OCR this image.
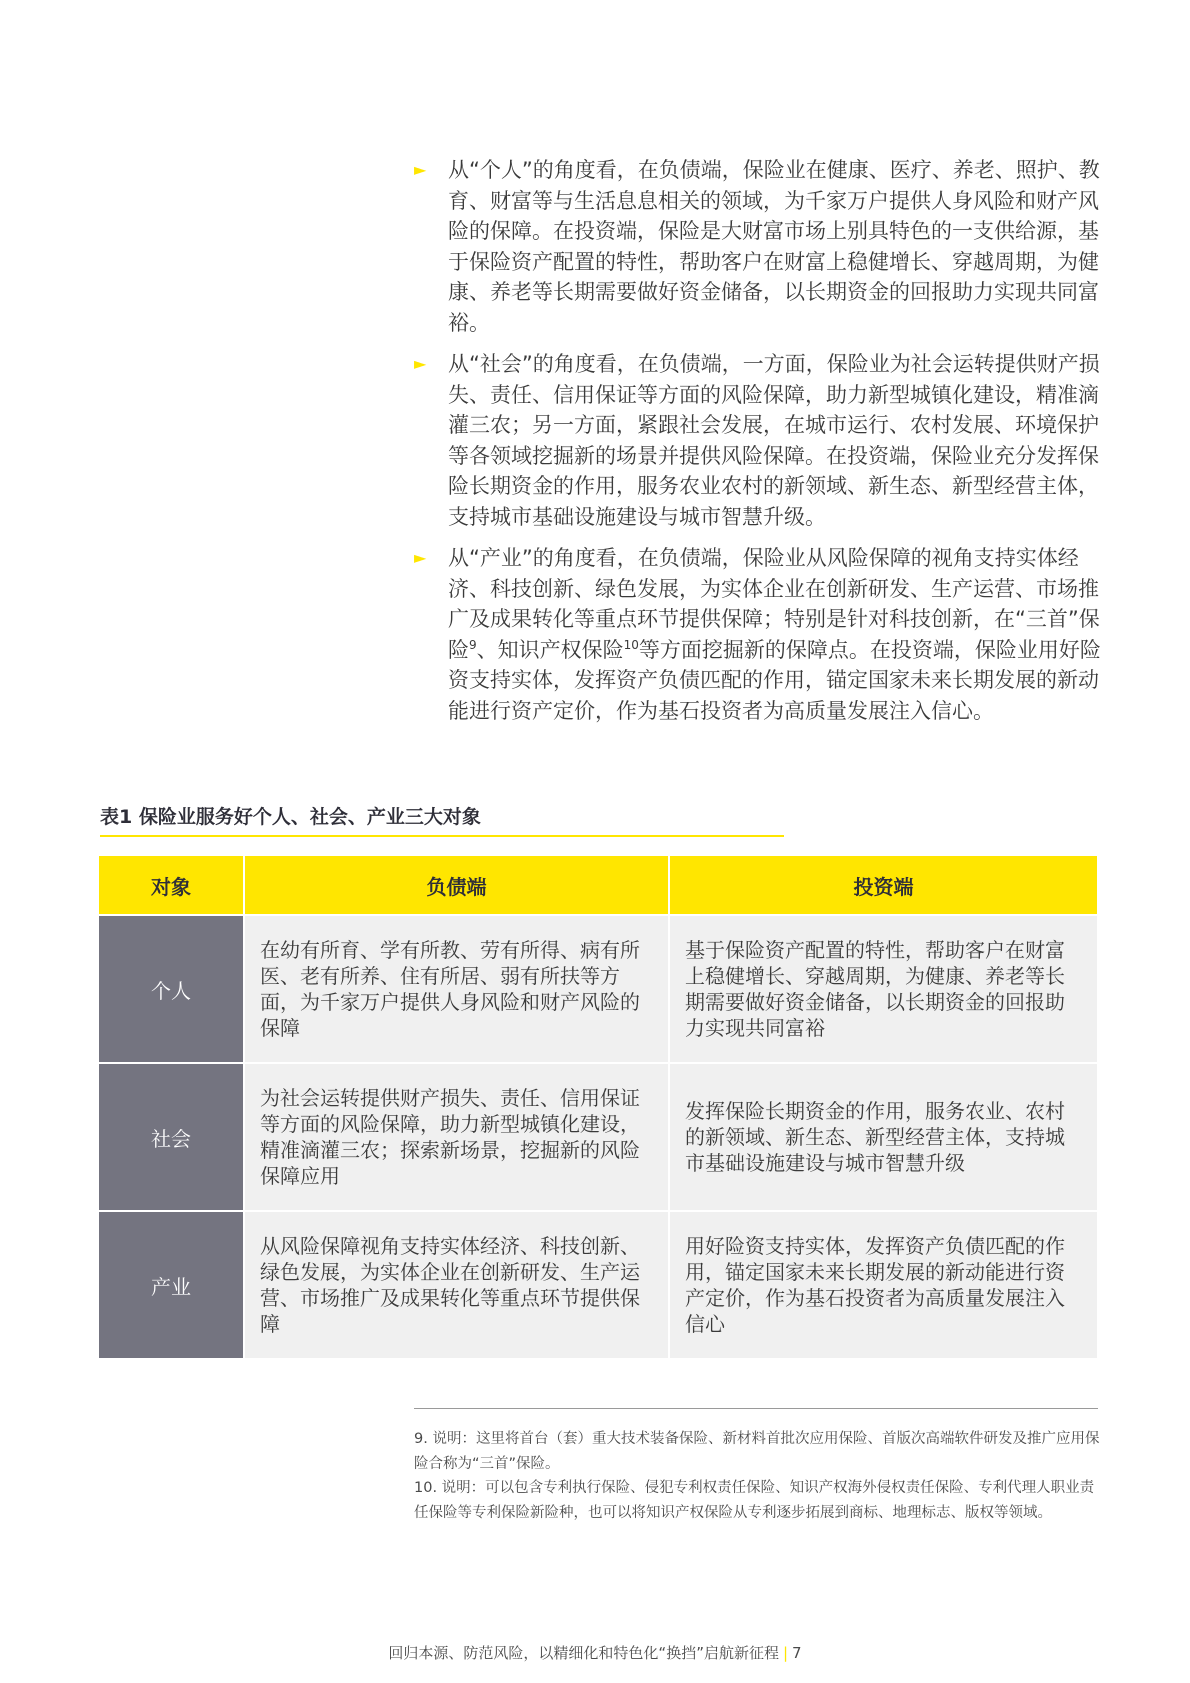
► 从“个人”的角度看，在负债端，保险业在健康、医疗、养老、照护、教育、财富等与生活息息相关的领域，为千家万户提供人身风险和财产风险的保障。在投资端，保险是大财富市场上别具特色的一支供给源，基于保险资产配置的特性，帮助客户在财富上稳健增长、穿越周期，为健康、养老等长期需要做好资金储备，以长期资金的回报助力实现共同富裕。
► 从“社会”的角度看，在负债端，一方面，保险业为社会运转提供财产损失、责任、信用保证等方面的风险保障，助力新型城镇化建设，精准滴灌三农；另一方面，紧跟社会发展，在城市运行、农村发展、环境保护等各领域挖掘新的场景并提供风险保障。在投资端，保险业充分发挥保险长期资金的作用，服务农业农村的新领域、新生态、新型经营主体，支持城市基础设施建设与城市智慧升级。
► 从“产业”的角度看，在负债端，保险业从风险保障的视角支持实体经济、科技创新、绿色发展，为实体企业在创新研发、生产运营、市场推广及成果转化等重点环节提供保障；特别是针对科技创新，在“三首”保险$^9$、知识产权保险$^{10}$等方面挖掘新的保障点。在投资端，保险业用好险资支持实体，发挥资产负债匹配的作用，锚定国家未来长期发展的新动能进行资产定价，作为基石投资者为高质量发展注入信心。
表1 保险业服务好个人、社会、产业三大对象
对象	负债端	投资端
个人
在幼有所育、学有所教、劳有所得、病有所医、老有所养、住有所居、弱有所扶等方面，为千家万户提供人身风险和财产风险的保障
基于保险资产配置的特性，帮助客户在财富上稳健增长、穿越周期，为健康、养老等长期需要做好资金储备，以长期资金的回报助力实现共同富裕
社会
为社会运转提供财产损失、责任、信用保证等方面的风险保障，助力新型城镇化建设，精准滴灌三农；探索新场景，挖掘新的风险保障应用
发挥保险长期资金的作用，服务农业、农村的新领域、新生态、新型经营主体，支持城市基础设施建设与城市智慧升级
产业
从风险保障视角支持实体经济、科技创新、绿色发展，为实体企业在创新研发、生产运营、市场推广及成果转化等重点环节提供保障
用好险资支持实体，发挥资产负债匹配的作用，锚定国家未来长期发展的新动能进行资产定价，作为基石投资者为高质量发展注入信心
9. 说明：这里将首台（套）重大技术装备保险、新材料首批次应用保险、首版次高端软件研发及推广应用保险合称为“三首”保险。
10. 说明：可以包含专利执行保险、侵犯专利权责任保险、知识产权海外侵权责任保险、专利代理人职业责任保险等专利保险新险种，也可以将知识产权保险从专利逐步拓展到商标、地理标志、版权等领域。
回归本源、防范风险，以精细化和特色化“换挡”启航新征程 | 7
